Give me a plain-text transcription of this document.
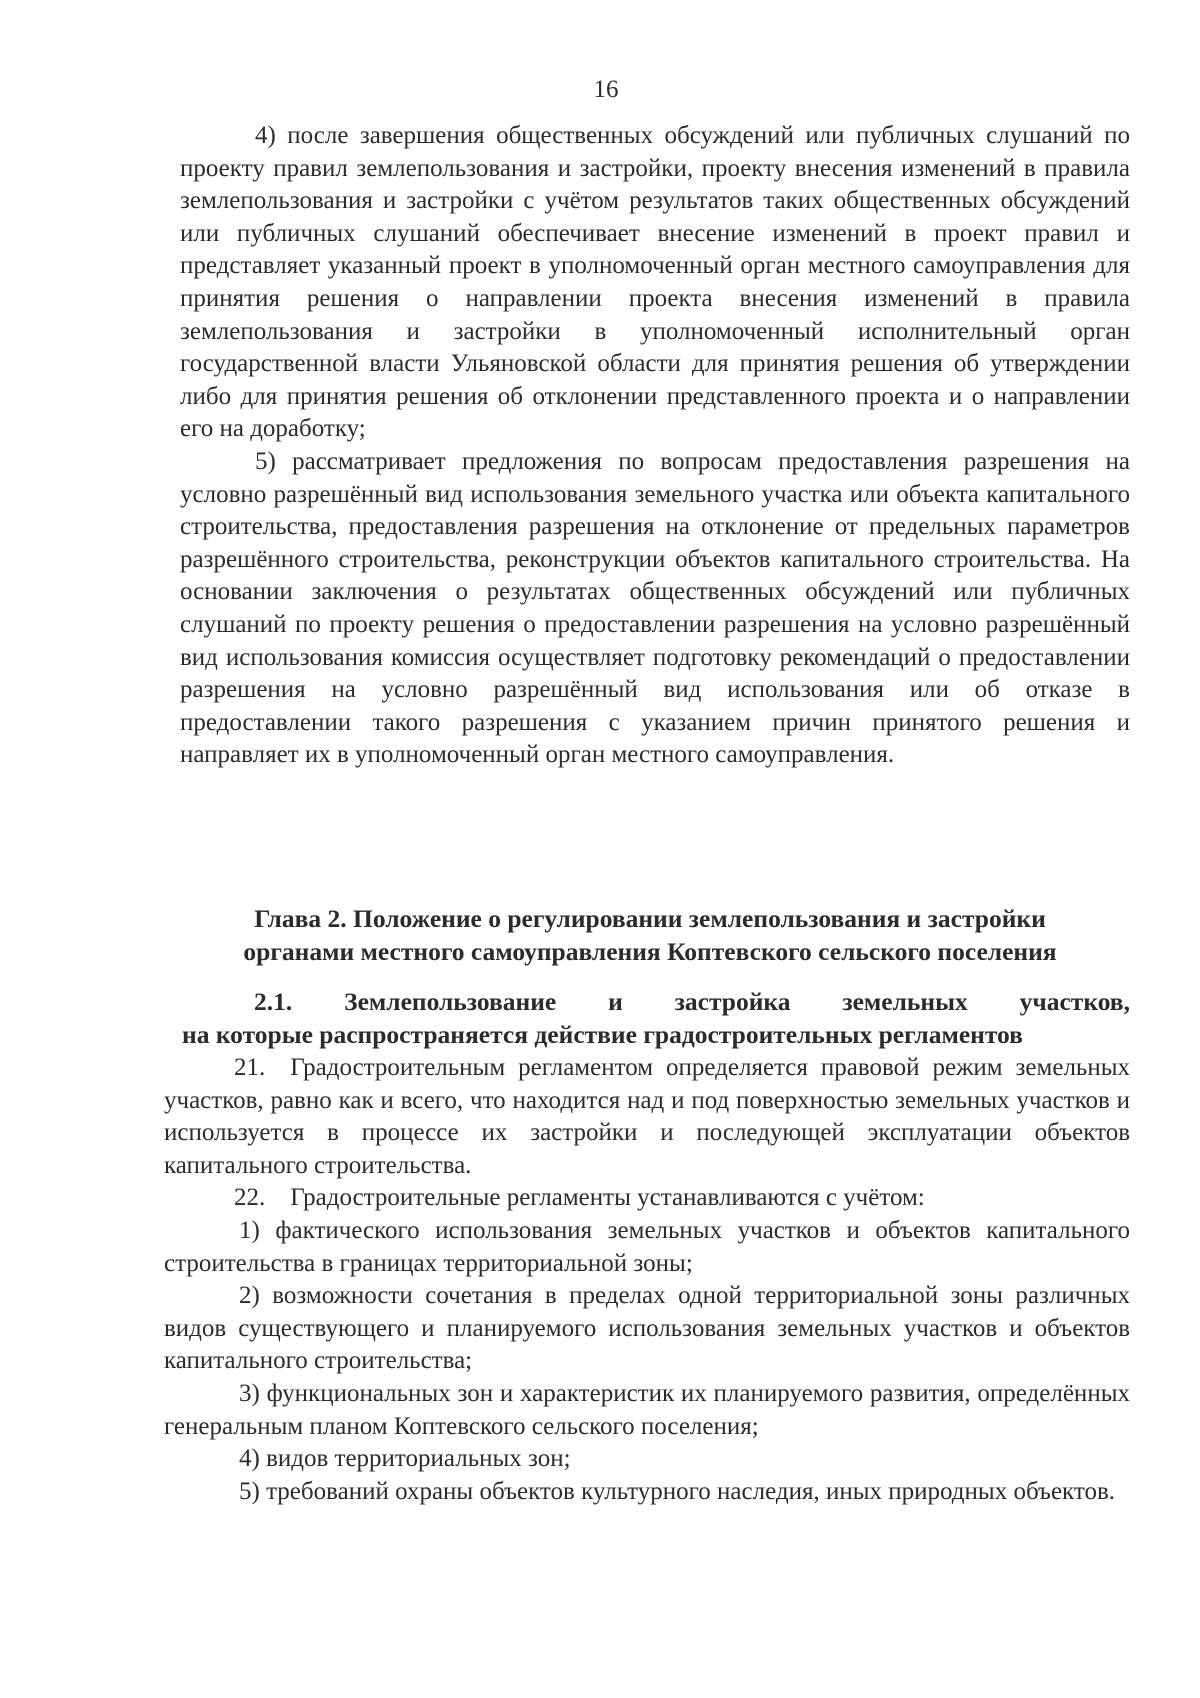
16

4) после завершения общественных обсуждений или публичных слушаний по проекту правил землепользования и застройки, проекту внесения изменений в правила землепользования и застройки с учётом результатов таких общественных обсуждений или публичных слушаний обеспечивает внесение изменений в проект правил и представляет указанный проект в уполномоченный орган местного самоуправления для принятия решения о направлении проекта внесения изменений в правила землепользования и застройки в уполномоченный исполнительный орган государственной власти Ульяновской области для принятия решения об утверждении либо для принятия решения об отклонении представленного проекта и о направлении его на доработку;

5) рассматривает предложения по вопросам предоставления разрешения на условно разрешённый вид использования земельного участка или объекта капитального строительства, предоставления разрешения на отклонение от предельных параметров разрешённого строительства, реконструкции объектов капитального строительства. На основании заключения о результатах общественных обсуждений или публичных слушаний по проекту решения о предоставлении разрешения на условно разрешённый вид использования комиссия осуществляет подготовку рекомендаций о предоставлении разрешения на условно разрешённый вид использования или об отказе в предоставлении такого разрешения с указанием причин принятого решения и направляет их в уполномоченный орган местного самоуправления.

Глава 2. Положение о регулировании землепользования и застройки
органами местного самоуправления Коптевского сельского поселения
2.1. Землепользование и застройка земельных участков,
на которые распространяется действие градостроительных регламентов

21. Градостроительным регламентом определяется правовой режим земельных участков, равно как и всего, что находится над и под поверхностью земельных участков и используется в процессе их застройки и последующей эксплуатации объектов капитального строительства.

22. Градостроительные регламенты устанавливаются с учётом:

1) фактического использования земельных участков и объектов капитального строительства в границах территориальной зоны;

2) возможности сочетания в пределах одной территориальной зоны различных видов существующего и планируемого использования земельных участков и объектов капитального строительства;

3) функциональных зон и характеристик их планируемого развития, определённых генеральным планом Коптевского сельского поселения;

4) видов территориальных зон;

5) требований охраны объектов культурного наследия, иных природных объектов.
